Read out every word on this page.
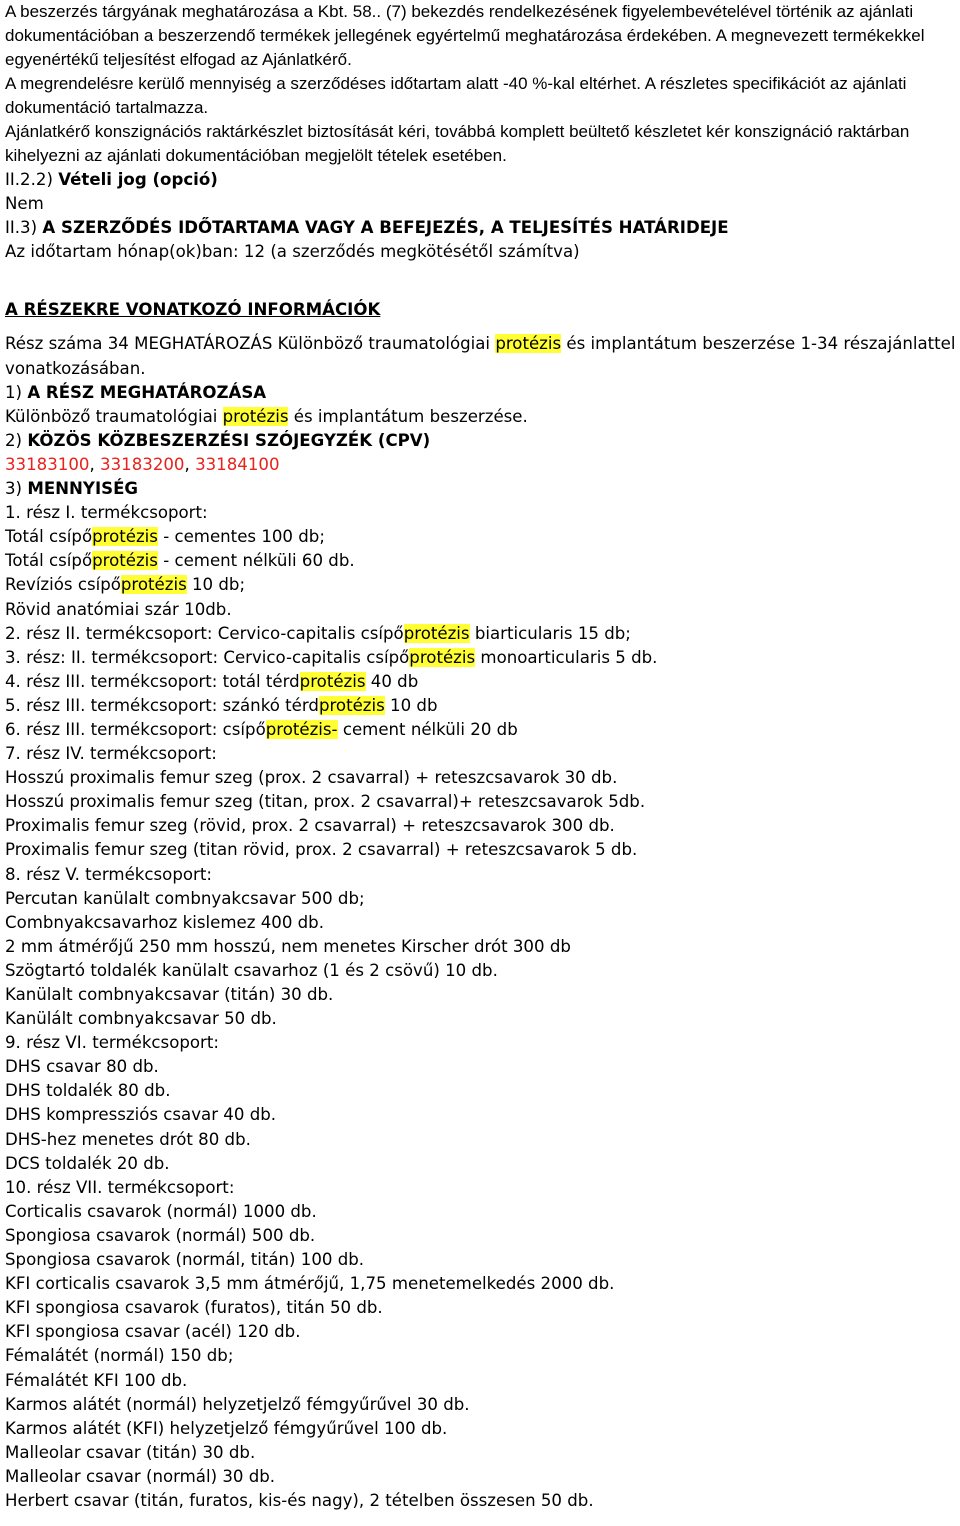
A beszerzés tárgyának meghatározása a Kbt. 58.. (7) bekezdés rendelkezésének figyelembevételével történik az ajánlati dokumentációban a beszerzendő termékek jellegének egyértelmű meghatározása érdekében. A megnevezett termékekkel egyenértékű teljesítést elfogad az Ajánlatkérő.

A megrendelésre kerülő mennyiség a szerződéses időtartam alatt -40 %-kal eltérhet. A részletes specifikációt az ajánlati dokumentáció tartalmazza.

Ajánlatkérő konszignációs raktárkészlet biztosítását kéri, továbbá komplett beültető készletet kér konszignáció raktárban kihelyezni az ajánlati dokumentációban megjelölt tételek esetében.

II.2.2) Vételi jog (opció)

Nem

II.3) A SZERZŐDÉS IDŐTARTAMA VAGY A BEFEJEZÉS, A TELJESÍTÉS HATÁRIDEJE

Az időtartam hónap(ok)ban: 12 (a szerződés megkötésétől számítva)

A RÉSZEKRE VONATKOZÓ INFORMÁCIÓK

Rész száma 34 MEGHATÁROZÁS Különböző traumatológiai protézis és implantátum beszerzése 1-34 részajánlattel vonatkozásában.

1) A RÉSZ MEGHATÁROZÁSA

Különböző traumatológiai protézis és implantátum beszerzése.

2) KÖZÖS KÖZBESZERZÉSI SZÓJEGYZÉK (CPV)

33183100, 33183200, 33184100

3) MENNYISÉG

1. rész I. termékcsoport:

Totál csípőprotézis - cementes 100 db;

Totál csípőprotézis - cement nélküli 60 db.

Revíziós csípőprotézis 10 db;

Rövid anatómiai szár 10db.

2. rész II. termékcsoport: Cervico-capitalis csípőprotézis biarticularis 15 db;

3. rész: II. termékcsoport: Cervico-capitalis csípőprotézis monoarticularis 5 db.

4. rész III. termékcsoport: totál térdprotézis 40 db

5. rész III. termékcsoport: szánkó térdprotézis 10 db

6. rész III. termékcsoport: csípőprotézis- cement nélküli 20 db

7. rész IV. termékcsoport:

Hosszú proximalis femur szeg (prox. 2 csavarral) + reteszcsavarok 30 db.

Hosszú proximalis femur szeg (titan, prox. 2 csavarral)+ reteszcsavarok 5db.

Proximalis femur szeg (rövid, prox. 2 csavarral) + reteszcsavarok 300 db.

Proximalis femur szeg (titan rövid, prox. 2 csavarral) + reteszcsavarok 5 db.

8. rész V. termékcsoport:

Percutan kanülalt combnyakcsavar 500 db;

Combnyakcsavarhoz kislemez 400 db.

2 mm átmérőjű 250 mm hosszú, nem menetes Kirscher drót 300 db

Szögtartó toldalék kanülalt csavarhoz (1 és 2 csövű) 10 db.

Kanülalt combnyakcsavar (titán) 30 db.

Kanülált combnyakcsavar 50 db.

9. rész VI. termékcsoport:

DHS csavar 80 db.

DHS toldalék 80 db.

DHS kompressziós csavar 40 db.

DHS-hez menetes drót 80 db.

DCS toldalék 20 db.

10. rész VII. termékcsoport:

Corticalis csavarok (normál) 1000 db.

Spongiosa csavarok (normál) 500 db.

Spongiosa csavarok (normál, titán) 100 db.

KFI corticalis csavarok 3,5 mm átmérőjű, 1,75 menetemelkedés 2000 db.

KFI spongiosa csavarok (furatos), titán 50 db.

KFI spongiosa csavar (acél) 120 db.

Fémalátét (normál) 150 db;

Fémalátét KFI 100 db.

Karmos alátét (normál) helyzetjelző fémgyűrűvel 30 db.

Karmos alátét (KFI) helyzetjelző fémgyűrűvel 100 db.

Malleolar csavar (titán) 30 db.

Malleolar csavar (normál) 30 db.

Herbert csavar (titán, furatos, kis-és nagy), 2 tételben összesen 50 db.
